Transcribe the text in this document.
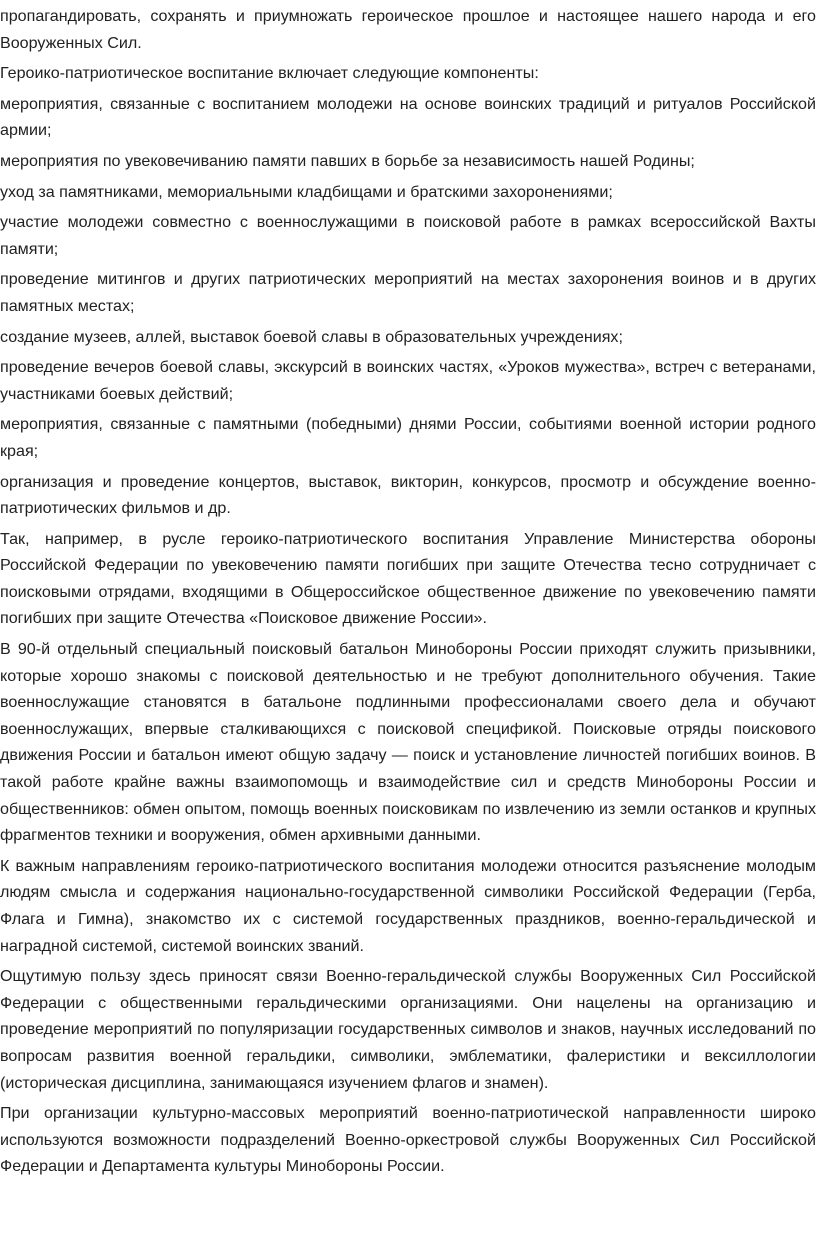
пропагандировать, сохранять и приумножать героическое прошлое и настоящее нашего народа и его Вооруженных Сил.

Героико-патриотическое воспитание включает следующие компоненты:

мероприятия, связанные с воспитанием молодежи на основе воинских традиций и ритуалов Российской армии;

мероприятия по увековечиванию памяти павших в борьбе за независимость нашей Родины;

уход за памятниками, мемориальными кладбищами и братскими захоронениями;

участие молодежи совместно с военнослужащими в поисковой работе в рамках всероссийской Вахты памяти;

проведение митингов и других патриотических мероприятий на местах захоронения воинов и в других памятных местах;

создание музеев, аллей, выставок боевой славы в образовательных учреждениях;

проведение вечеров боевой славы, экскурсий в воинских частях, «Уроков мужества», встреч с ветеранами, участниками боевых действий;

мероприятия, связанные с памятными (победными) днями России, событиями военной истории родного края;

организация и проведение концертов, выставок, викторин, конкурсов, просмотр и обсуждение военно-патриотических фильмов и др.

Так, например, в русле героико-патриотического воспитания Управление Министерства обороны Российской Федерации по увековечению памяти погибших при защите Отечества тесно сотрудничает с поисковыми отрядами, входящими в Общероссийское общественное движение по увековечению памяти погибших при защите Отечества «Поисковое движение России».

В 90-й отдельный специальный поисковый батальон Минобороны России приходят служить призывники, которые хорошо знакомы с поисковой деятельностью и не требуют дополнительного обучения. Такие военнослужащие становятся в батальоне подлинными профессионалами своего дела и обучают военнослужащих, впервые сталкивающихся с поисковой спецификой. Поисковые отряды поискового движения России и батальон имеют общую задачу — поиск и установление личностей погибших воинов. В такой работе крайне важны взаимопомощь и взаимодействие сил и средств Минобороны России и общественников: обмен опытом, помощь военных поисковикам по извлечению из земли останков и крупных фрагментов техники и вооружения, обмен архивными данными.

К важным направлениям героико-патриотического воспитания молодежи относится разъяснение молодым людям смысла и содержания национально-государственной символики Российской Федерации (Герба, Флага и Гимна), знакомство их с системой государственных праздников, военно-геральдической и наградной системой, системой воинских званий.

Ощутимую пользу здесь приносят связи Военно-геральдической службы Вооруженных Сил Российской Федерации с общественными геральдическими организациями. Они нацелены на организацию и проведение мероприятий по популяризации государственных символов и знаков, научных исследований по вопросам развития военной геральдики, символики, эмблематики, фалеристики и вексиллологии (историческая дисциплина, занимающаяся изучением флагов и знамен).

При организации культурно-массовых мероприятий военно-патриотической направленности широко используются возможности подразделений Военно-оркестровой службы Вооруженных Сил Российской Федерации и Департамента культуры Минобороны России.
